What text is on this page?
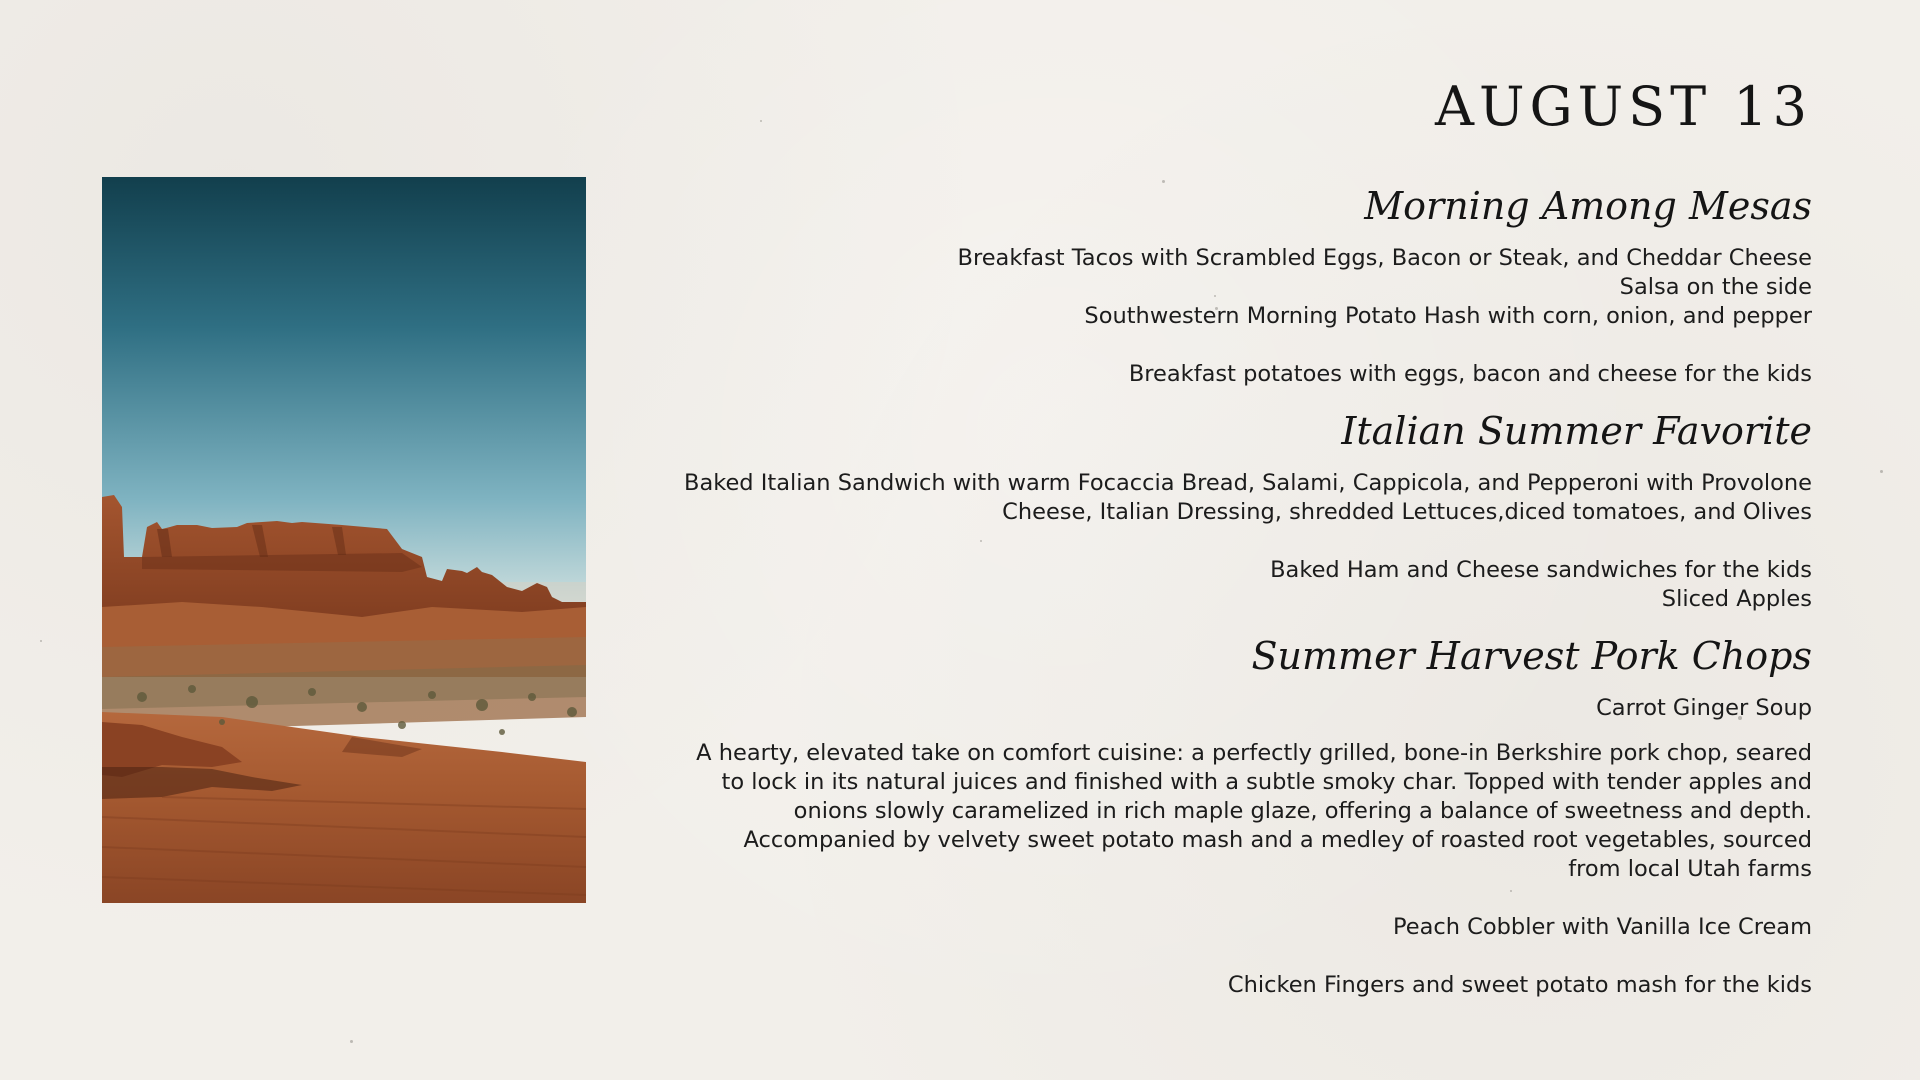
AUGUST 13
Morning Among Mesas

Breakfast Tacos with Scrambled Eggs, Bacon or Steak, and Cheddar Cheese

Salsa on the side

Southwestern Morning Potato Hash with corn, onion, and pepper

Breakfast potatoes with eggs, bacon and cheese for the kids

Italian Summer Favorite

Baked Italian Sandwich with warm Focaccia Bread, Salami, Cappicola, and Pepperoni with Provolone

Cheese, Italian Dressing, shredded Lettuces,diced tomatoes, and Olives

Baked Ham and Cheese sandwiches for the kids

Sliced Apples

Summer Harvest Pork Chops

Carrot Ginger Soup

A hearty, elevated take on comfort cuisine: a perfectly grilled, bone-in Berkshire pork chop, seared

to lock in its natural juices and finished with a subtle smoky char. Topped with tender apples and

onions slowly caramelized in rich maple glaze, offering a balance of sweetness and depth.

Accompanied by velvety sweet potato mash and a medley of roasted root vegetables, sourced

from local Utah farms

Peach Cobbler with Vanilla Ice Cream

Chicken Fingers and sweet potato mash for the kids
